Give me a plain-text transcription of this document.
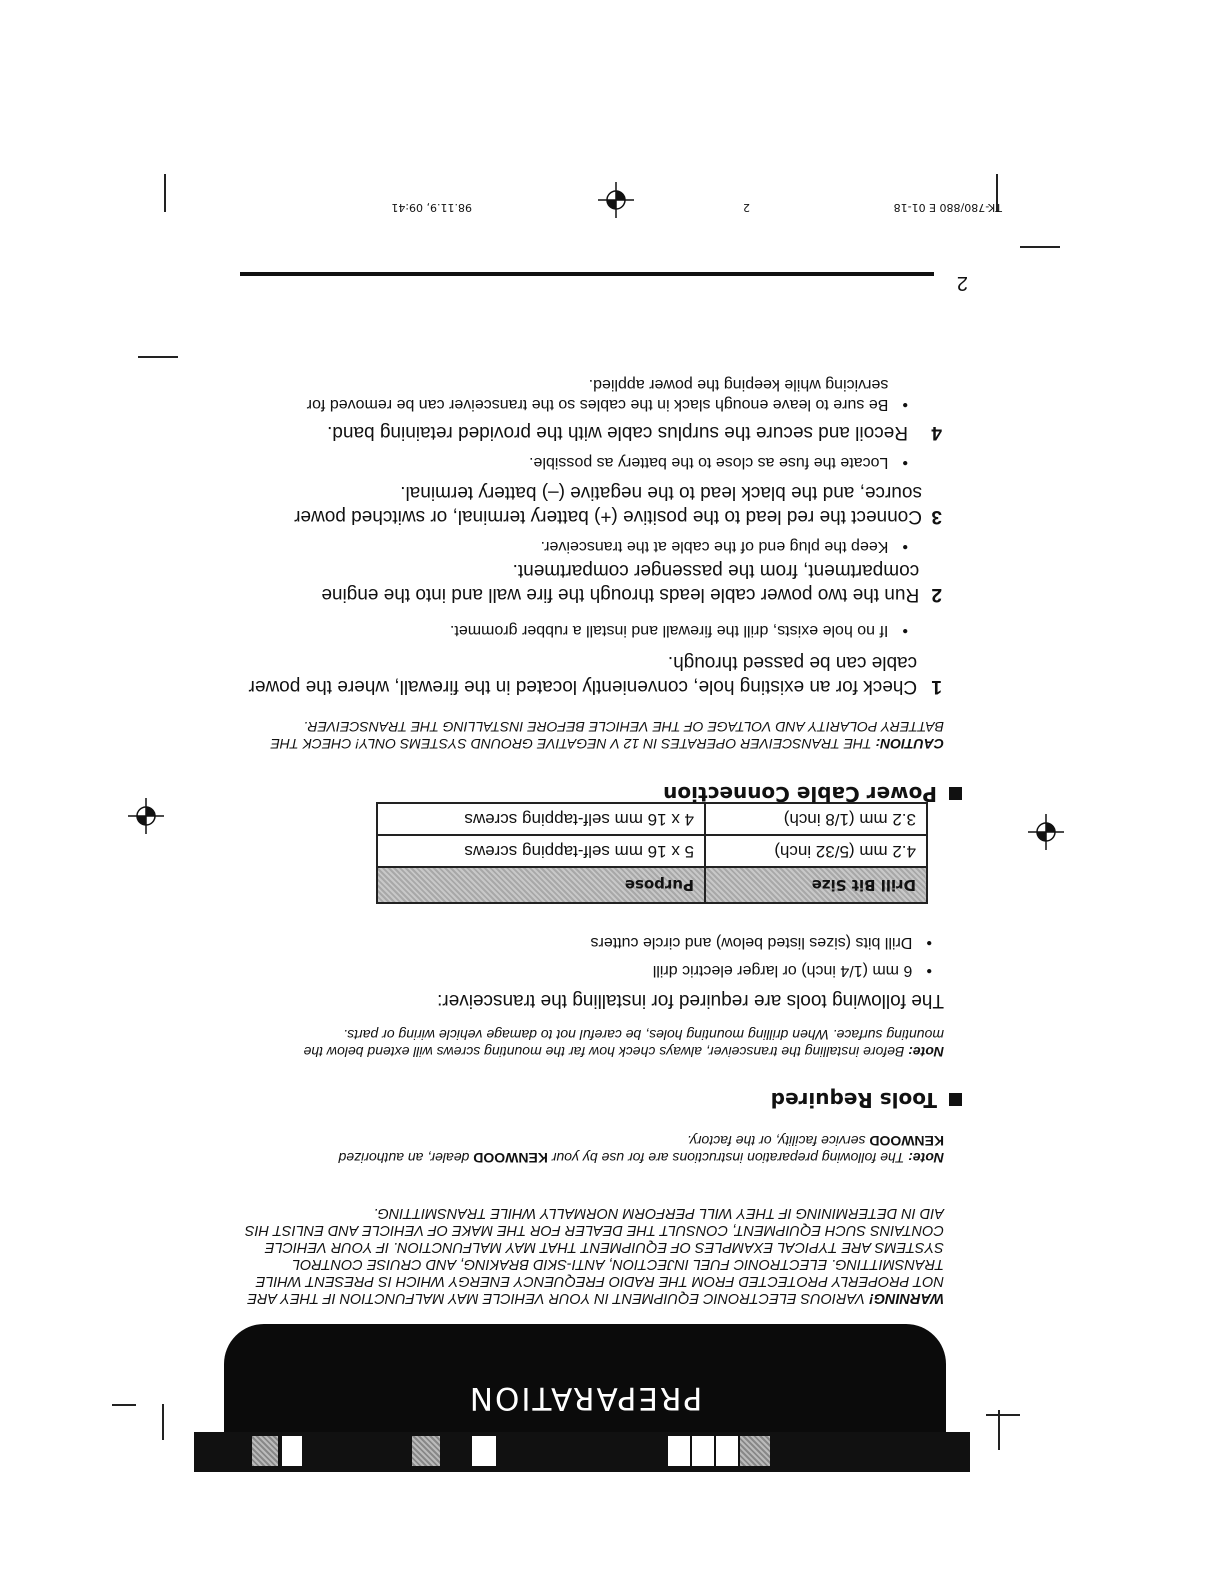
PREPARATION
WARNING! VARIOUS ELECTRONIC EQUIPMENT IN YOUR VEHICLE MAY MALFUNCTION IF THEY ARE NOT PROPERLY PROTECTED FROM THE RADIO FREQUENCY ENERGY WHICH IS PRESENT WHILE TRANSMITTING. ELECTRONIC FUEL INJECTION, ANTI-SKID BRAKING, AND CRUISE CONTROL SYSTEMS ARE TYPICAL EXAMPLES OF EQUIPMENT THAT MAY MALFUNCTION. IF YOUR VEHICLE CONTAINS SUCH EQUIPMENT, CONSULT THE DEALER FOR THE MAKE OF VEHICLE AND ENLIST HIS AID IN DETERMINING IF THEY WILL PERFORM NORMALLY WHILE TRANSMITTING.
Note: The following preparation instructions are for use by your KENWOOD dealer, an authorized KENWOOD service facility, or the factory.
Tools Required
Note: Before installing the transceiver, always check how far the mounting screws will extend below the mounting surface. When drilling mounting holes, be careful not to damage vehicle wiring or parts.
The following tools are required for installing the transceiver:
•
6 mm (1/4 inch) or larger electric drill
•
Drill bits (sizes listed below) and circle cutters
Drill Bit Size	Purpose
4.2 mm (5/32 inch)	5 x 16 mm self-tapping screws
3.2 mm (1/8 inch)	4 x 16 mm self-tapping screws
Power Cable Connection
CAUTION: THE TRANSCEIVER OPERATES IN 12 V NEGATIVE GROUND SYSTEMS ONLY! CHECK THE BATTERY POLARITY AND VOLTAGE OF THE VEHICLE BEFORE INSTALLING THE TRANSCEIVER.
1
Check for an existing hole, conveniently located in the firewall, where the power cable can be passed through.
•
If no hole exists, drill the firewall and install a rubber grommet.
2
Run the two power cable leads through the fire wall and into the engine compartment, from the passenger compartment.
•
Keep the plug end of the cable at the transceiver.
3
Connect the red lead to the positive (+) battery terminal, or switched power source, and the black lead to the negative (–) battery terminal.
•
Locate the fuse as close to the battery as possible.
4
Recoil and secure the surplus cable with the provided retaining band.
•
Be sure to leave enough slack in the cables so the transceiver can be removed for servicing while keeping the power applied.
2
TK-780/880 E 01-18
2
98.11.9, 09:41
